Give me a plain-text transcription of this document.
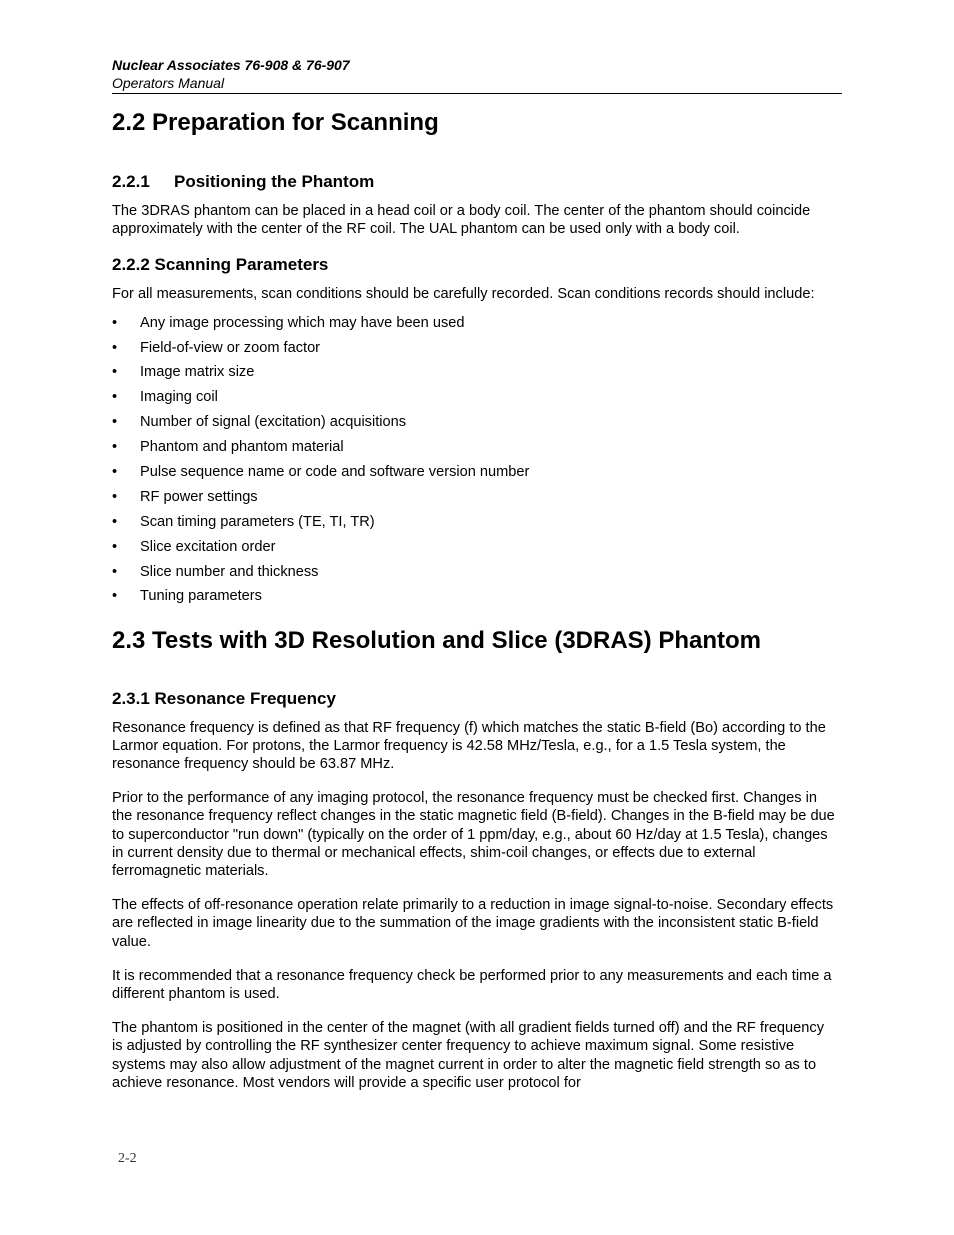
Nuclear Associates 76-908 & 76-907
Operators Manual
2.2 Preparation for Scanning
2.2.1 Positioning the Phantom

The 3DRAS phantom can be placed in a head coil or a body coil. The center of the phantom should coincide approximately with the center of the RF coil. The UAL phantom can be used only with a body coil.

2.2.2 Scanning Parameters

For all measurements, scan conditions should be carefully recorded. Scan conditions records should include:

•	Any image processing which may have been used
•	Field-of-view or zoom factor
•	Image matrix size
•	Imaging coil
•	Number of signal (excitation) acquisitions
•	Phantom and phantom material
•	Pulse sequence name or code and software version number
•	RF power settings
•	Scan timing parameters (TE, TI, TR)
•	Slice excitation order
•	Slice number and thickness
•	Tuning parameters
2.3 Tests with 3D Resolution and Slice (3DRAS) Phantom
2.3.1 Resonance Frequency

Resonance frequency is defined as that RF frequency (f) which matches the static B-field (Bo) according to the Larmor equation. For protons, the Larmor frequency is 42.58 MHz/Tesla, e.g., for a 1.5 Tesla system, the resonance frequency should be 63.87 MHz.

Prior to the performance of any imaging protocol, the resonance frequency must be checked first. Changes in the resonance frequency reflect changes in the static magnetic field (B-field). Changes in the B-field may be due to superconductor "run down" (typically on the order of 1 ppm/day, e.g., about 60 Hz/day at 1.5 Tesla), changes in current density due to thermal or mechanical effects, shim-coil changes, or effects due to external ferromagnetic materials.

The effects of off-resonance operation relate primarily to a reduction in image signal-to-noise. Secondary effects are reflected in image linearity due to the summation of the image gradients with the inconsistent static B-field value.

It is recommended that a resonance frequency check be performed prior to any measurements and each time a different phantom is used.

The phantom is positioned in the center of the magnet (with all gradient fields turned off) and the RF frequency is adjusted by controlling the RF synthesizer center frequency to achieve maximum signal. Some resistive systems may also allow adjustment of the magnet current in order to alter the magnetic field strength so as to achieve resonance. Most vendors will provide a specific user protocol for

2-2
